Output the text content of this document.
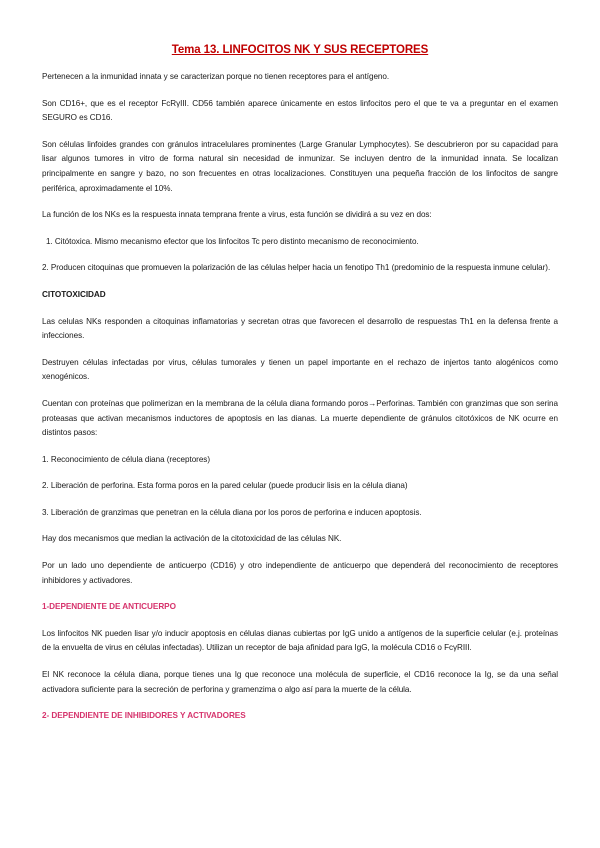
Tema 13. LINFOCITOS NK Y SUS RECEPTORES

Pertenecen a la inmunidad innata y se caracterizan porque no tienen receptores para el antígeno.

Son CD16+, que es el receptor FcRγIII. CD56 también aparece únicamente en estos linfocitos pero el que te va a preguntar en el examen SEGURO es CD16.

Son células linfoides grandes con gránulos intracelulares prominentes (Large Granular Lymphocytes). Se descubrieron por su capacidad para lisar algunos tumores in vitro de forma natural sin necesidad de inmunizar. Se incluyen dentro de la inmunidad innata. Se localizan principalmente en sangre y bazo, no son frecuentes en otras localizaciones. Constituyen una pequeña fracción de los linfocitos de sangre periférica, aproximadamente el 10%.

La función de los NKs es la respuesta innata temprana frente a virus, esta función se dividirá a su vez en dos:

1. Citótoxica. Mismo mecanismo efector que los linfocitos Tc pero distinto mecanismo de reconocimiento.

2. Producen citoquinas que promueven la polarización de las células helper hacia un fenotipo Th1 (predominio de la respuesta inmune celular).

CITOTOXICIDAD

Las celulas NKs responden a citoquinas inflamatorias y secretan otras que favorecen el desarrollo de respuestas Th1 en la defensa frente a infecciones.

Destruyen células infectadas por virus, células tumorales y tienen un papel importante en el rechazo de injertos tanto alogénicos como xenogénicos.

Cuentan con proteínas que polimerizan en la membrana de la célula diana formando poros→Perforinas. También con granzimas que son serina proteasas que activan mecanismos inductores de apoptosis en las dianas. La muerte dependiente de gránulos citotóxicos de NK ocurre en distintos pasos:

1. Reconocimiento de célula diana (receptores)

2. Liberación de perforina. Esta forma poros en la pared celular (puede producir lisis en la célula diana)

3. Liberación de granzimas que penetran en la célula diana por los poros de perforina e inducen apoptosis.

Hay dos mecanismos que median la activación de la citotoxicidad de las células NK.

Por un lado uno dependiente de anticuerpo (CD16) y otro independiente de anticuerpo que dependerá del reconocimiento de receptores inhibidores y activadores.

1-DEPENDIENTE DE ANTICUERPO

Los linfocitos NK pueden lisar y/o inducir apoptosis en células dianas cubiertas por IgG unido a antígenos de la superficie celular (e.j. proteínas de la envuelta de virus en células infectadas). Utilizan un receptor de baja afinidad para IgG, la molécula CD16 o FcγRIII.

El NK reconoce la célula diana, porque tienes una Ig que reconoce una molécula de superficie, el CD16 reconoce la Ig, se da una señal activadora suficiente para la secreción de perforina y gramenzima o algo así para la muerte de la célula.

2- DEPENDIENTE DE INHIBIDORES Y ACTIVADORES
